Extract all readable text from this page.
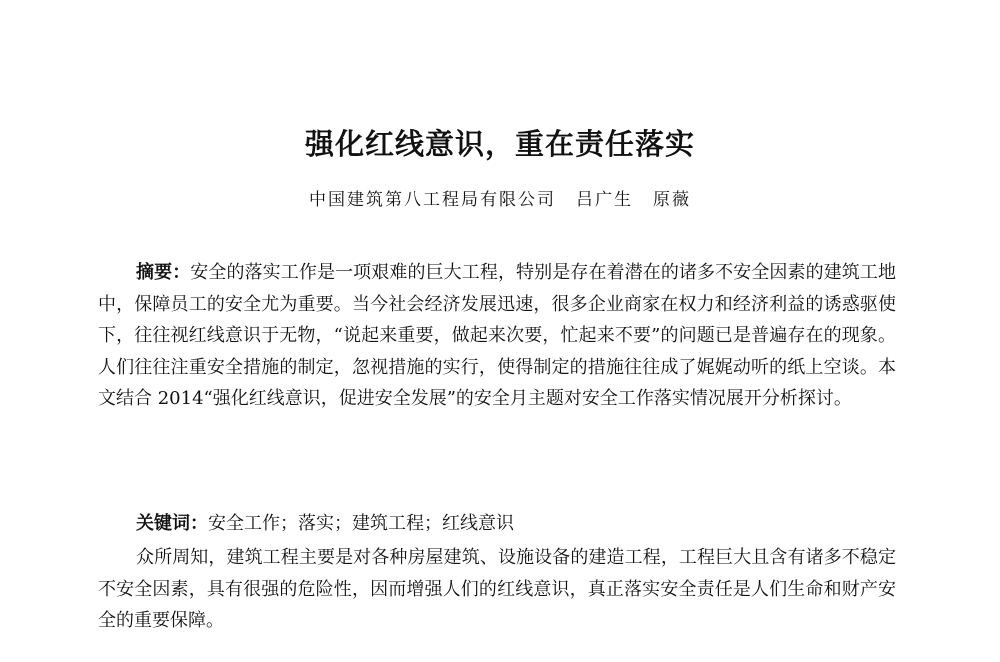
强化红线意识，重在责任落实
中国建筑第八工程局有限公司 吕广生 原薇
摘要：安全的落实工作是一项艰难的巨大工程，特别是存在着潜在的诸多不安全因素的建筑工地中，保障员工的安全尤为重要。当今社会经济发展迅速，很多企业商家在权力和经济利益的诱惑驱使下，往往视红线意识于无物，“说起来重要，做起来次要，忙起来不要”的问题已是普遍存在的现象。人们往往注重安全措施的制定，忽视措施的实行，使得制定的措施往往成了娓娓动听的纸上空谈。本文结合 2014“强化红线意识，促进安全发展”的安全月主题对安全工作落实情况展开分析探讨。
关键词：安全工作；落实；建筑工程；红线意识
众所周知，建筑工程主要是对各种房屋建筑、设施设备的建造工程，工程巨大且含有诸多不稳定不安全因素，具有很强的危险性，因而增强人们的红线意识，真正落实安全责任是人们生命和财产安全的重要保障。
